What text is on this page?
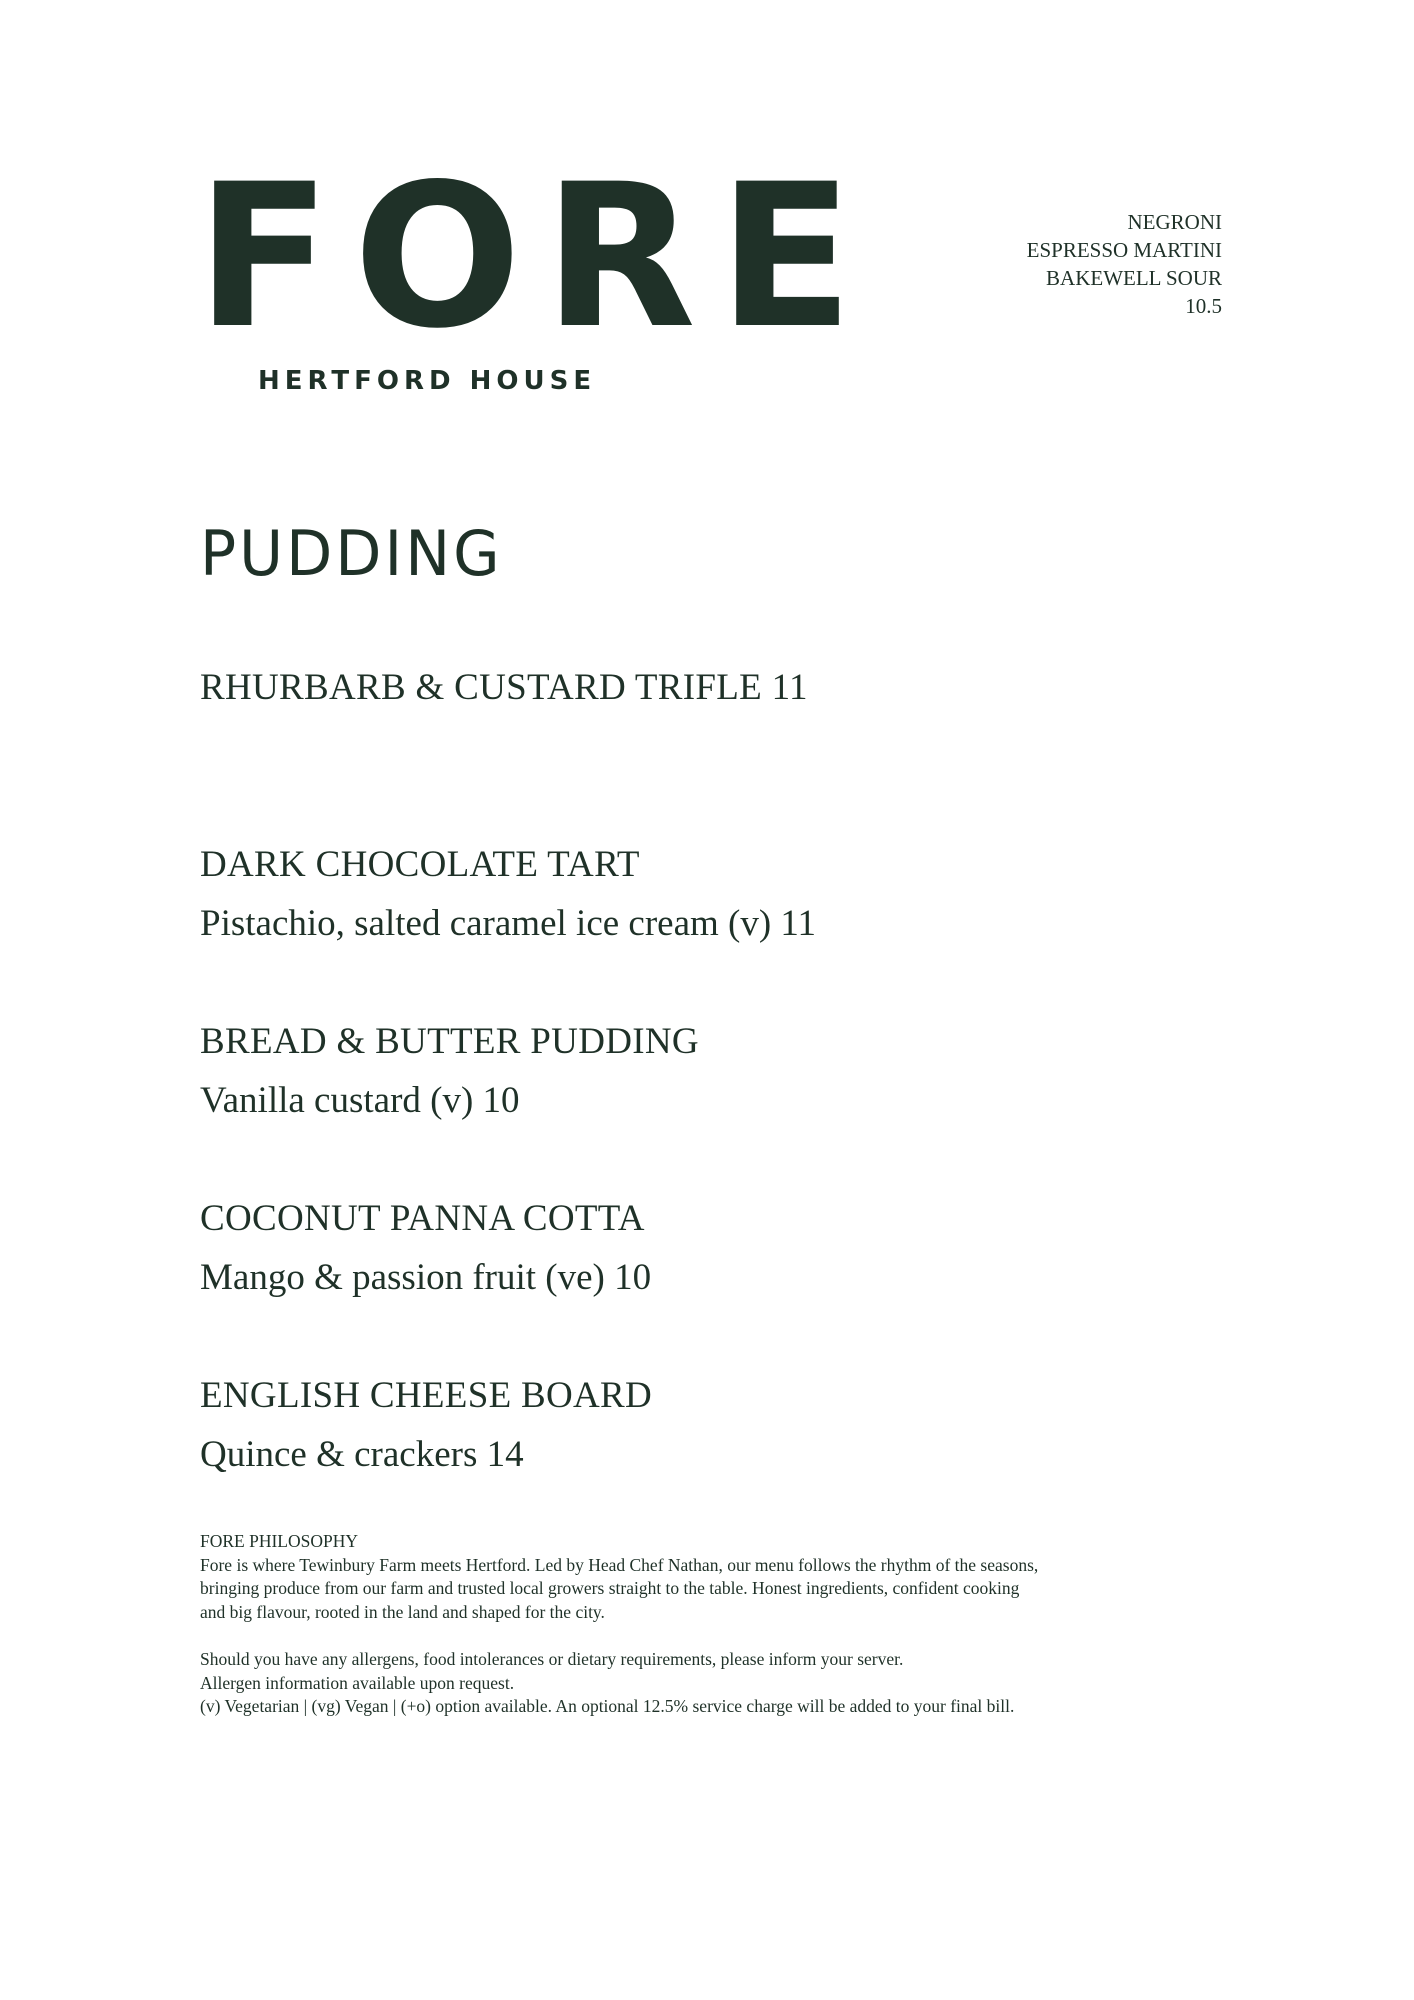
FORE
HERTFORD HOUSE
NEGRONI
ESPRESSO MARTINI
BAKEWELL SOUR
10.5
PUDDING
RHURBARB & CUSTARD TRIFLE 11
DARK CHOCOLATE TART
Pistachio, salted caramel ice cream (v) 11
BREAD & BUTTER PUDDING
Vanilla custard (v) 10
COCONUT PANNA COTTA
Mango & passion fruit (ve) 10
ENGLISH CHEESE BOARD
Quince & crackers 14

FORE PHILOSOPHY

Fore is where Tewinbury Farm meets Hertford. Led by Head Chef Nathan, our menu follows the rhythm of the seasons,

bringing produce from our farm and trusted local growers straight to the table. Honest ingredients, confident cooking

and big flavour, rooted in the land and shaped for the city.

Should you have any allergens, food intolerances or dietary requirements, please inform your server.

Allergen information available upon request.

(v) Vegetarian | (vg) Vegan | (+o) option available. An optional 12.5% service charge will be added to your final bill.
